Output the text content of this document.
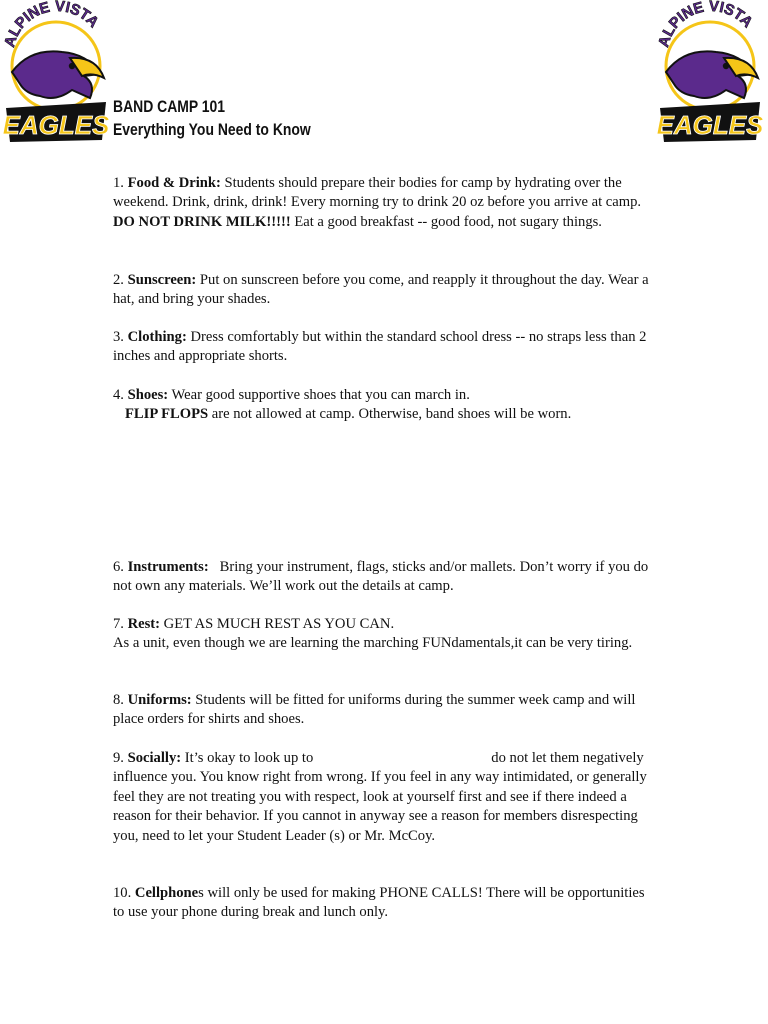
ALPINE VISTA
EAGLES
ALPINE VISTA
EAGLES
BAND CAMP 101
Everything You Need to Know
1. Food & Drink: Students should prepare their bodies for camp by hydrating over the weekend. Drink, drink, drink! Every morning try to drink 20 oz before you arrive at camp. DO NOT DRINK MILK!!!!! Eat a good breakfast -- good food, not sugary things.
2. Sunscreen: Put on sunscreen before you come, and reapply it throughout the day. Wear a hat, and bring your shades.
3. Clothing: Dress comfortably but within the standard school dress -- no straps less than 2 inches and appropriate shorts.
4. Shoes: Wear good supportive shoes that you can march in.
FLIP FLOPS are not allowed at camp. Otherwise, band shoes will be worn.
6. Instruments:   Bring your instrument, flags, sticks and/or mallets. Don’t worry if you do not own any materials. We’ll work out the details at camp.
7. Rest: GET AS MUCH REST AS YOU CAN.
As a unit, even though we are learning the marching FUNdamentals,it can be very tiring.
8. Uniforms: Students will be fitted for uniforms during the summer week camp and will place orders for shirts and shoes.
9. Socially: It’s okay to look up to	do not let them negatively influence you. You know right from wrong. If you feel in any way intimidated, or generally feel they are not treating you with respect, look at yourself first and see if there indeed a reason for their behavior. If you cannot in anyway see a reason for members disrespecting you, need to let your Student Leader (s) or Mr. McCoy.
10. Cellphones will only be used for making PHONE CALLS! There will be opportunities to use your phone during break and lunch only.
